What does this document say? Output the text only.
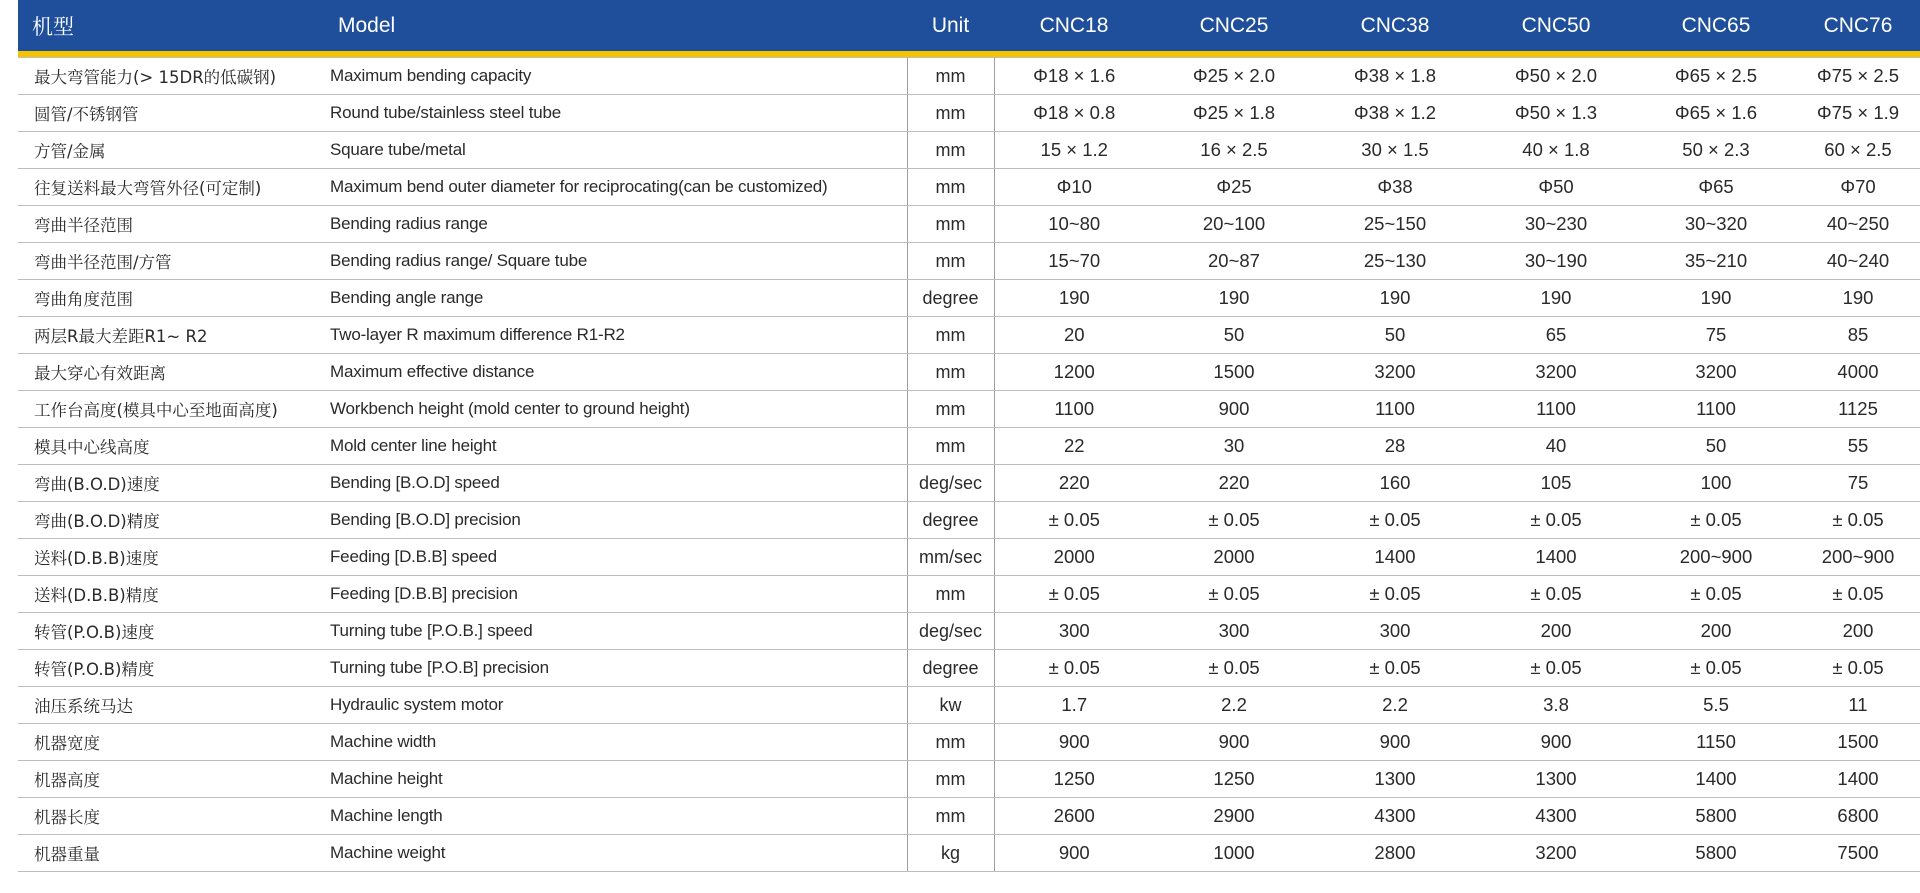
机型	Model	Unit	CNC18	CNC25	CNC38	CNC50	CNC65	CNC76

最大弯管能力(> 15DR的低碳钢)	Maximum bending capacity	mm	Φ18 × 1.6	Φ25 × 2.0	Φ38 × 1.8	Φ50 × 2.0	Φ65 × 2.5	Φ75 × 2.5
圆管/不锈钢管	Round tube/stainless steel tube	mm	Φ18 × 0.8	Φ25 × 1.8	Φ38 × 1.2	Φ50 × 1.3	Φ65 × 1.6	Φ75 × 1.9
方管/金属	Square tube/metal	mm	15 × 1.2	16 × 2.5	30 × 1.5	40 × 1.8	50 × 2.3	60 × 2.5
往复送料最大弯管外径(可定制)	Maximum bend outer diameter for reciprocating(can be customized)	mm	Φ10	Φ25	Φ38	Φ50	Φ65	Φ70
弯曲半径范围	Bending radius range	mm	10~80	20~100	25~150	30~230	30~320	40~250
弯曲半径范围/方管	Bending radius range/ Square tube	mm	15~70	20~87	25~130	30~190	35~210	40~240
弯曲角度范围	Bending angle range	degree	190	190	190	190	190	190
两层R最大差距R1~ R2	Two-layer R maximum difference R1-R2	mm	20	50	50	65	75	85
最大穿心有效距离	Maximum effective distance	mm	1200	1500	3200	3200	3200	4000
工作台高度(模具中心至地面高度)	Workbench height (mold center to ground height)	mm	1100	900	1100	1100	1100	1125
模具中心线高度	Mold center line height	mm	22	30	28	40	50	55
弯曲(B.O.D)速度	Bending [B.O.D] speed	deg/sec	220	220	160	105	100	75
弯曲(B.O.D)精度	Bending [B.O.D] precision	degree	± 0.05	± 0.05	± 0.05	± 0.05	± 0.05	± 0.05
送料(D.B.B)速度	Feeding [D.B.B] speed	mm/sec	2000	2000	1400	1400	200~900	200~900
送料(D.B.B)精度	Feeding [D.B.B] precision	mm	± 0.05	± 0.05	± 0.05	± 0.05	± 0.05	± 0.05
转管(P.O.B)速度	Turning tube [P.O.B.] speed	deg/sec	300	300	300	200	200	200
转管(P.O.B)精度	Turning tube [P.O.B] precision	degree	± 0.05	± 0.05	± 0.05	± 0.05	± 0.05	± 0.05
油压系统马达	Hydraulic system motor	kw	1.7	2.2	2.2	3.8	5.5	11
机器宽度	Machine width	mm	900	900	900	900	1150	1500
机器高度	Machine height	mm	1250	1250	1300	1300	1400	1400
机器长度	Machine length	mm	2600	2900	4300	4300	5800	6800
机器重量	Machine weight	kg	900	1000	2800	3200	5800	7500
